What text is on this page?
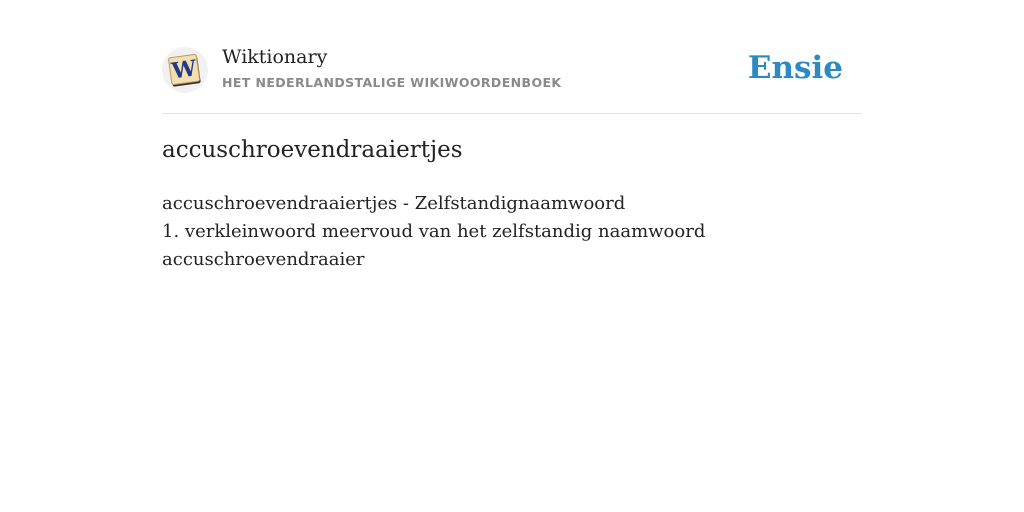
W Wiktionary
HET NEDERLANDSTALIGE WIKIWOORDENBOEK	Ensie
accuschroevendraaiertjes
accuschroevendraaiertjes - Zelfstandignaamwoord
1. verkleinwoord meervoud van het zelfstandig naamwoord
accuschroevendraaier
